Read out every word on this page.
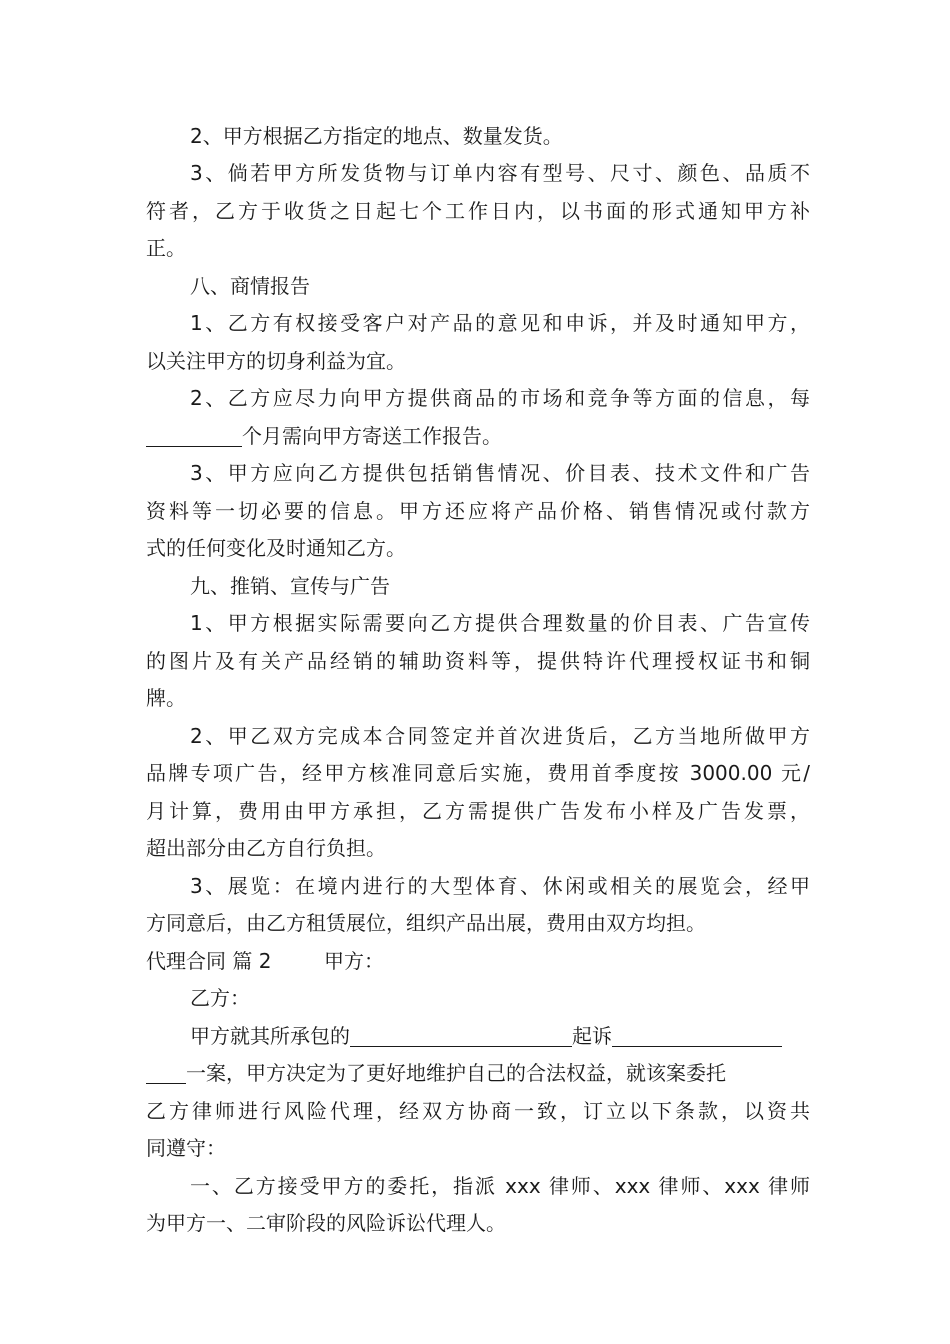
2、甲方根据乙方指定的地点、数量发货。
3、倘若甲方所发货物与订单内容有型号、尺寸、颜色、品质不
符者，乙方于收货之日起七个工作日内，以书面的形式通知甲方补
正。
八、商情报告
1、乙方有权接受客户对产品的意见和申诉，并及时通知甲方，
以关注甲方的切身利益为宜。
2、乙方应尽力向甲方提供商品的市场和竞争等方面的信息，每
个月需向甲方寄送工作报告。
3、甲方应向乙方提供包括销售情况、价目表、技术文件和广告
资料等一切必要的信息。甲方还应将产品价格、销售情况或付款方
式的任何变化及时通知乙方。
九、推销、宣传与广告
1、甲方根据实际需要向乙方提供合理数量的价目表、广告宣传
的图片及有关产品经销的辅助资料等，提供特许代理授权证书和铜
牌。
2、甲乙双方完成本合同签定并首次进货后，乙方当地所做甲方
品牌专项广告，经甲方核准同意后实施，费用首季度按 3000.00 元/
月计算，费用由甲方承担，乙方需提供广告发布小样及广告发票，
超出部分由乙方自行负担。
3、展览：在境内进行的大型体育、休闲或相关的展览会，经甲
方同意后，由乙方租赁展位，组织产品出展，费用由双方均担。
代理合同 篇 2	甲方：
乙方：
甲方就其所承包的	起诉
一案，甲方决定为了更好地维护自己的合法权益，就该案委托
乙方律师进行风险代理，经双方协商一致，订立以下条款，以资共
同遵守：
一、乙方接受甲方的委托，指派 xxx 律师、xxx 律师、xxx 律师
为甲方一、二审阶段的风险诉讼代理人。
